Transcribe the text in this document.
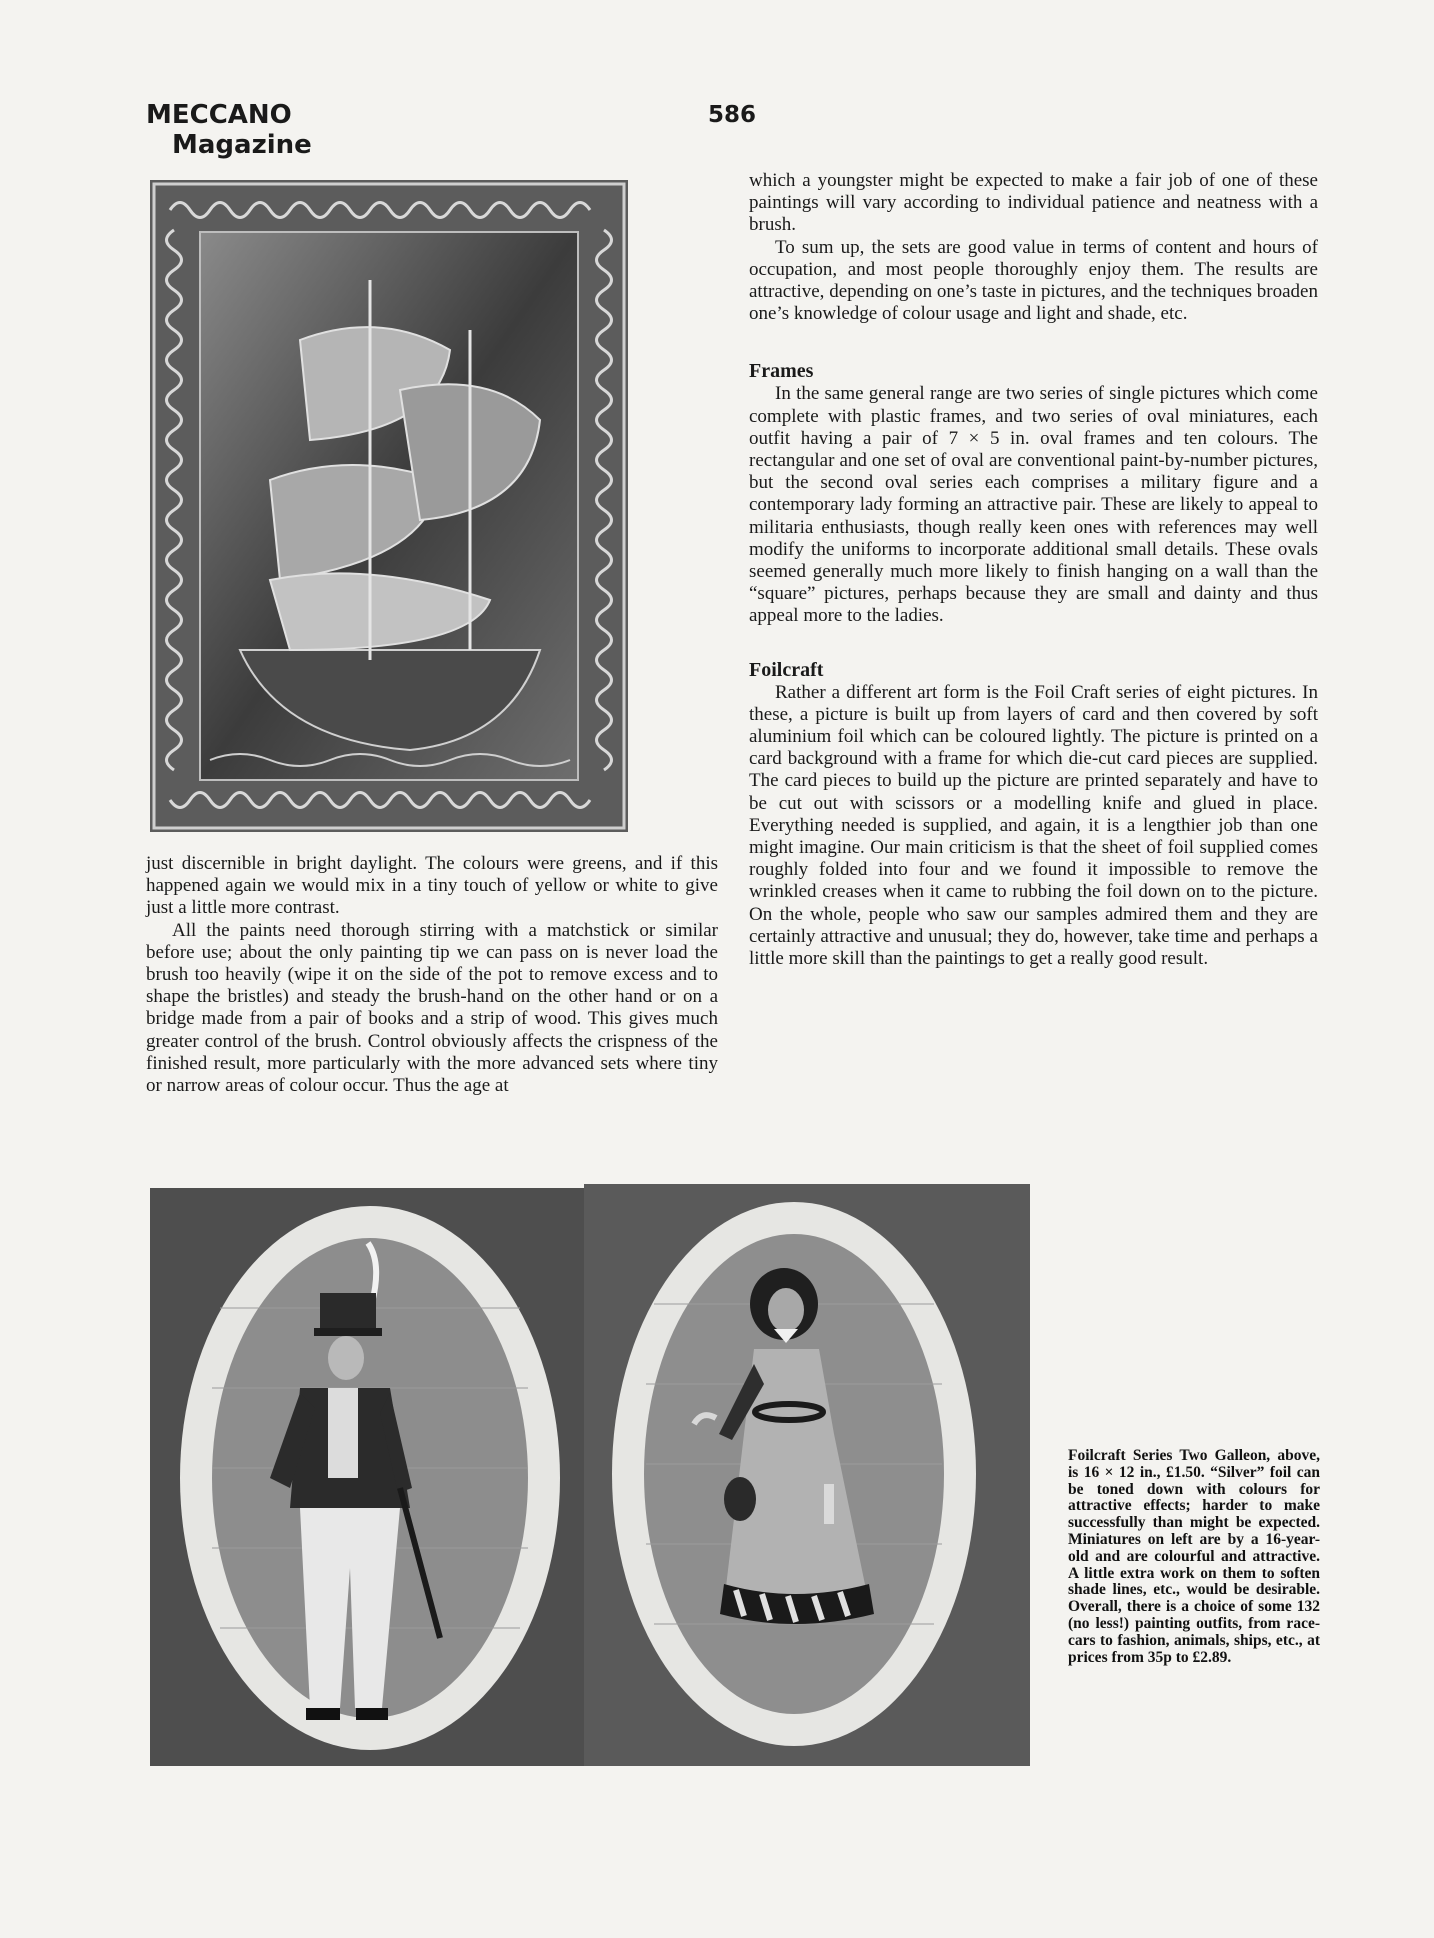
MECCANO
Magazine
586

just discernible in bright daylight. The colours were greens, and if this happened again we would mix in a tiny touch of yellow or white to give just a little more contrast.

All the paints need thorough stirring with a matchstick or similar before use; about the only painting tip we can pass on is never load the brush too heavily (wipe it on the side of the pot to remove excess and to shape the bristles) and steady the brush-hand on the other hand or on a bridge made from a pair of books and a strip of wood. This gives much greater control of the brush. Control obviously affects the crispness of the finished result, more particularly with the more advanced sets where tiny or narrow areas of colour occur. Thus the age at

which a youngster might be expected to make a fair job of one of these paintings will vary according to individual patience and neatness with a brush.

To sum up, the sets are good value in terms of content and hours of occupation, and most people thoroughly enjoy them. The results are attractive, depending on one’s taste in pictures, and the techniques broaden one’s knowledge of colour usage and light and shade, etc.

Frames

In the same general range are two series of single pictures which come complete with plastic frames, and two series of oval miniatures, each outfit having a pair of 7 × 5 in. oval frames and ten colours. The rectangular and one set of oval are conventional paint-by-number pictures, but the second oval series each comprises a military figure and a contemporary lady forming an attractive pair. These are likely to appeal to militaria enthusiasts, though really keen ones with references may well modify the uniforms to incorporate additional small details. These ovals seemed generally much more likely to finish hanging on a wall than the “square” pictures, perhaps because they are small and dainty and thus appeal more to the ladies.

Foilcraft

Rather a different art form is the Foil Craft series of eight pictures. In these, a picture is built up from layers of card and then covered by soft aluminium foil which can be coloured lightly. The picture is printed on a card background with a frame for which die-cut card pieces are supplied. The card pieces to build up the picture are printed separately and have to be cut out with scissors or a modelling knife and glued in place. Everything needed is supplied, and again, it is a lengthier job than one might imagine. Our main criticism is that the sheet of foil supplied comes roughly folded into four and we found it impossible to remove the wrinkled creases when it came to rubbing the foil down on to the picture. On the whole, people who saw our samples admired them and they are certainly attractive and unusual; they do, however, take time and perhaps a little more skill than the paintings to get a really good result.

Foilcraft Series Two Galleon, above, is 16 × 12 in., £1.50. “Silver” foil can be toned down with colours for attractive effects; harder to make successfully than might be expected. Miniatures on left are by a 16-year-old and are colourful and attractive. A little extra work on them to soften shade lines, etc., would be desirable. Overall, there is a choice of some 132 (no less!) painting outfits, from race-cars to fashion, animals, ships, etc., at prices from 35p to £2.89.
